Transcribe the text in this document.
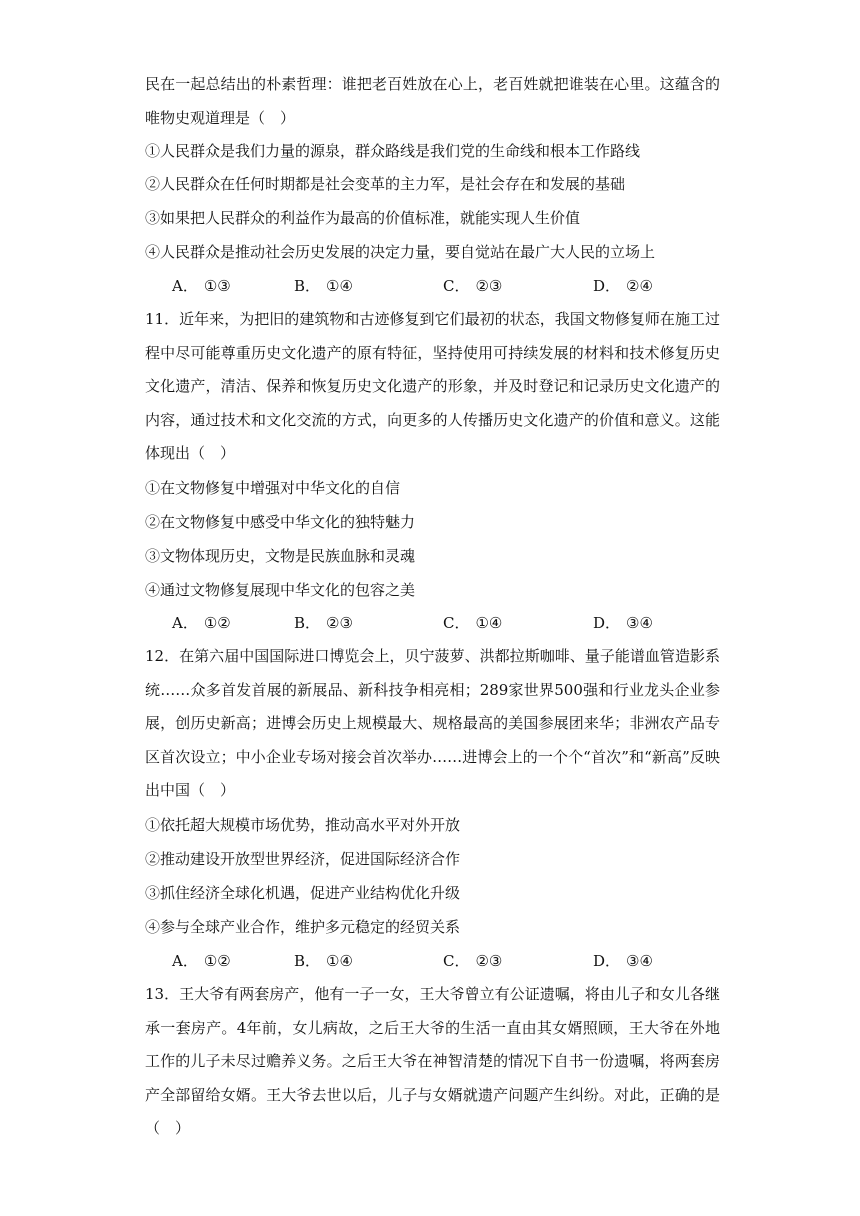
民在一起总结出的朴素哲理：谁把老百姓放在心上，老百姓就把谁装在心里。这蕴含的唯物史观道理是（　）

①人民群众是我们力量的源泉，群众路线是我们党的生命线和根本工作路线
②人民群众在任何时期都是社会变革的主力军，是社会存在和发展的基础
③如果把人民群众的利益作为最高的价值标准，就能实现人生价值
④人民群众是推动社会历史发展的决定力量，要自觉站在最广大人民的立场上
A． ①③	B． ①④	C． ②③	D． ②④

11．近年来，为把旧的建筑物和古迹修复到它们最初的状态，我国文物修复师在施工过程中尽可能尊重历史文化遗产的原有特征，坚持使用可持续发展的材料和技术修复历史文化遗产，清洁、保养和恢复历史文化遗产的形象，并及时登记和记录历史文化遗产的内容，通过技术和文化交流的方式，向更多的人传播历史文化遗产的价值和意义。这能体现出（　）

①在文物修复中增强对中华文化的自信
②在文物修复中感受中华文化的独特魅力
③文物体现历史，文物是民族血脉和灵魂
④通过文物修复展现中华文化的包容之美
A． ①②	B． ②③	C． ①④	D． ③④

12．在第六届中国国际进口博览会上，贝宁菠萝、洪都拉斯咖啡、量子能谱血管造影系统……众多首发首展的新展品、新科技争相亮相；289家世界500强和行业龙头企业参展，创历史新高；进博会历史上规模最大、规格最高的美国参展团来华；非洲农产品专区首次设立；中小企业专场对接会首次举办……进博会上的一个个“首次”和“新高”反映出中国（　）

①依托超大规模市场优势，推动高水平对外开放
②推动建设开放型世界经济，促进国际经济合作
③抓住经济全球化机遇，促进产业结构优化升级
④参与全球产业合作，维护多元稳定的经贸关系
A． ①②	B． ①④	C． ②③	D． ③④

13．王大爷有两套房产，他有一子一女，王大爷曾立有公证遗嘱，将由儿子和女儿各继承一套房产。4年前，女儿病故，之后王大爷的生活一直由其女婿照顾，王大爷在外地工作的儿子未尽过赡养义务。之后王大爷在神智清楚的情况下自书一份遗嘱，将两套房产全部留给女婿。王大爷去世以后，儿子与女婿就遗产问题产生纠纷。对此，正确的是（　）
